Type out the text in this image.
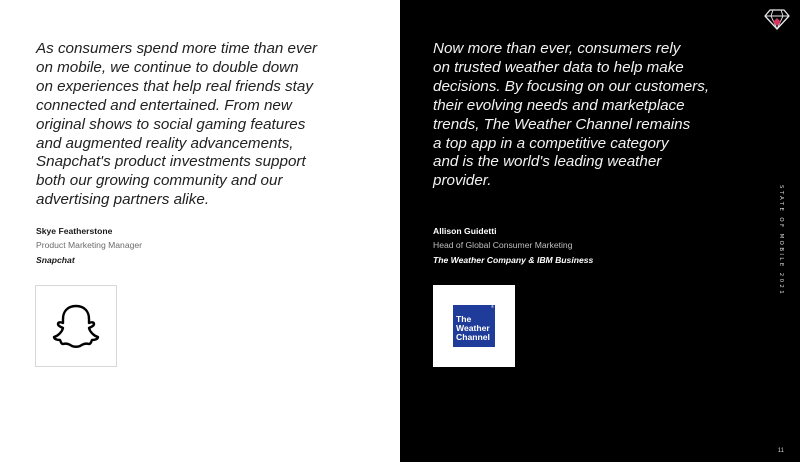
As consumers spend more time than ever
on mobile, we continue to double down
on experiences that help real friends stay
connected and entertained. From new
original shows to social gaming features
and augmented reality advancements,
Snapchat's product investments support
both our growing community and our
advertising partners alike.
Skye Featherstone
Product Marketing Manager
Snapchat
Now more than ever, consumers rely
on trusted weather data to help make
decisions. By focusing on our customers,
their evolving needs and marketplace
trends, The Weather Channel remains
a top app in a competitive category
and is the world's leading weather
provider.
Allison Guidetti
Head of Global Consumer Marketing
The Weather Company & IBM Business
®
The
Weather
Channel
STATE OF MOBILE 2021
11
